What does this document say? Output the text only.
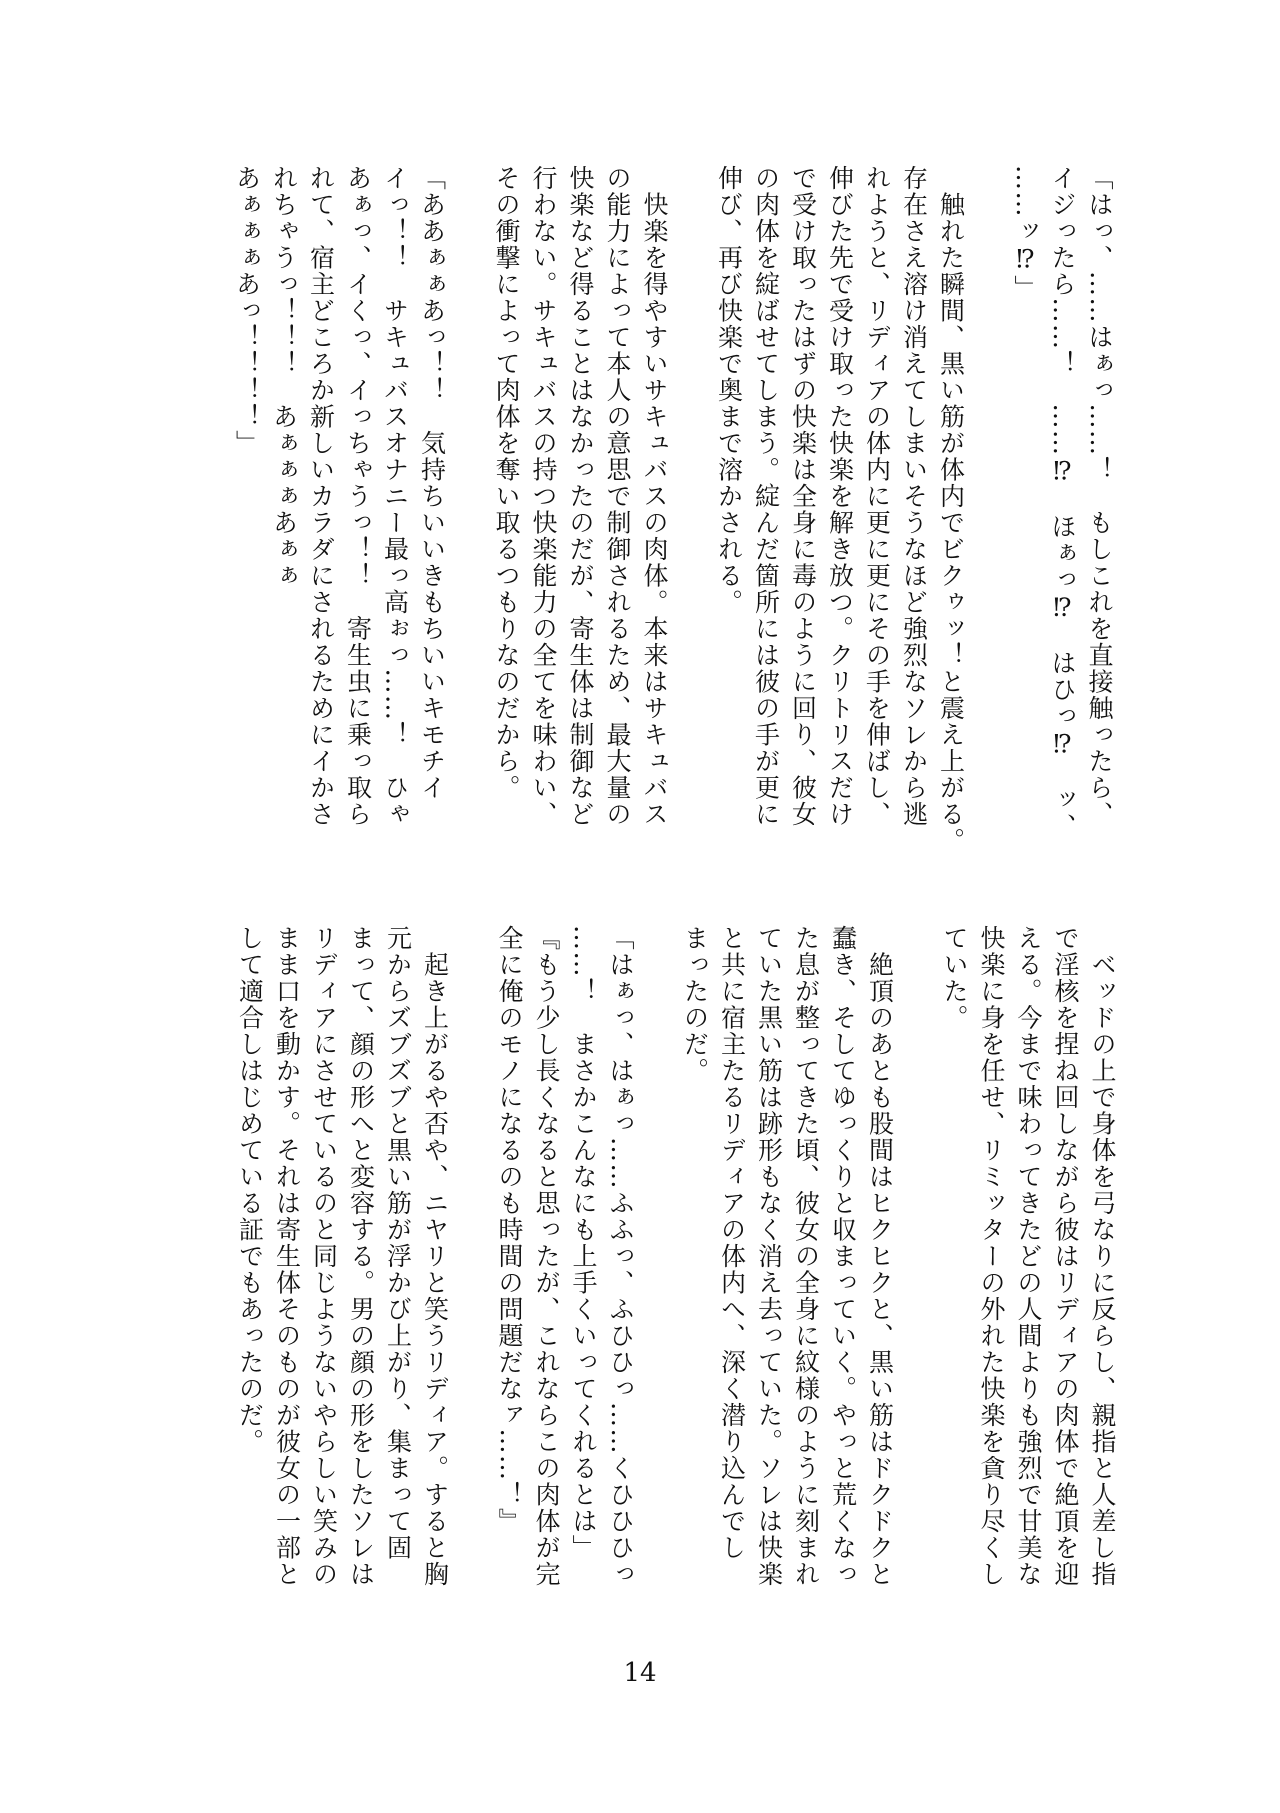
「はっ、……はぁっ……！　もしこれを直接触ったら、
イジったら……！　……⁉　ほぁっ⁉　はひっ⁉　ッ、
……ッ⁉」

　触れた瞬間、黒い筋が体内でビクゥッ！と震え上がる。
存在さえ溶け消えてしまいそうなほど強烈なソレから逃
れようと、リディアの体内に更に更にその手を伸ばし、
伸びた先で受け取った快楽を解き放つ。クリトリスだけ
で受け取ったはずの快楽は全身に毒のように回り、彼女
の肉体を綻ばせてしまう。綻んだ箇所には彼の手が更に
伸び、再び快楽で奥まで溶かされる。

　快楽を得やすいサキュバスの肉体。本来はサキュバス
の能力によって本人の意思で制御されるため、最大量の
快楽など得ることはなかったのだが、寄生体は制御など
行わない。サキュバスの持つ快楽能力の全てを味わい、
その衝撃によって肉体を奪い取るつもりなのだから。

「ああぁぁあっ！！　気持ちいいきもちいいキモチイ
イっ！！　サキュバスオナニー最っ高ぉっ……！　ひゃ
あぁっ、イくっ、イっちゃうっ！！　寄生虫に乗っ取ら
れて、宿主どころか新しいカラダにされるためにイかさ
れちゃうっ！！！　あぁぁぁあぁぁ
あぁぁぁあっ！！！！」

　ベッドの上で身体を弓なりに反らし、親指と人差し指
で淫核を捏ね回しながら彼はリディアの肉体で絶頂を迎
える。今まで味わってきたどの人間よりも強烈で甘美な
快楽に身を任せ、リミッターの外れた快楽を貪り尽くし
ていた。

　絶頂のあとも股間はヒクヒクと、黒い筋はドクドクと
蠢き、そしてゆっくりと収まっていく。やっと荒くなっ
た息が整ってきた頃、彼女の全身に紋様のように刻まれ
ていた黒い筋は跡形もなく消え去っていた。ソレは快楽
と共に宿主たるリディアの体内へ、深く潜り込んでし
まったのだ。

「はぁっ、はぁっ……ふふっ、ふひひっ……くひひひっ
……！　まさかこんなにも上手くいってくれるとは」
『もう少し長くなると思ったが、これならこの肉体が完
全に俺のモノになるのも時間の問題だなァ……！』

　起き上がるや否や、ニヤリと笑うリディア。すると胸
元からズブズブと黒い筋が浮かび上がり、集まって固
まって、顔の形へと変容する。男の顔の形をしたソレは
リディアにさせているのと同じようないやらしい笑みの
まま口を動かす。それは寄生体そのものが彼女の一部と
して適合しはじめている証でもあったのだ。

14
